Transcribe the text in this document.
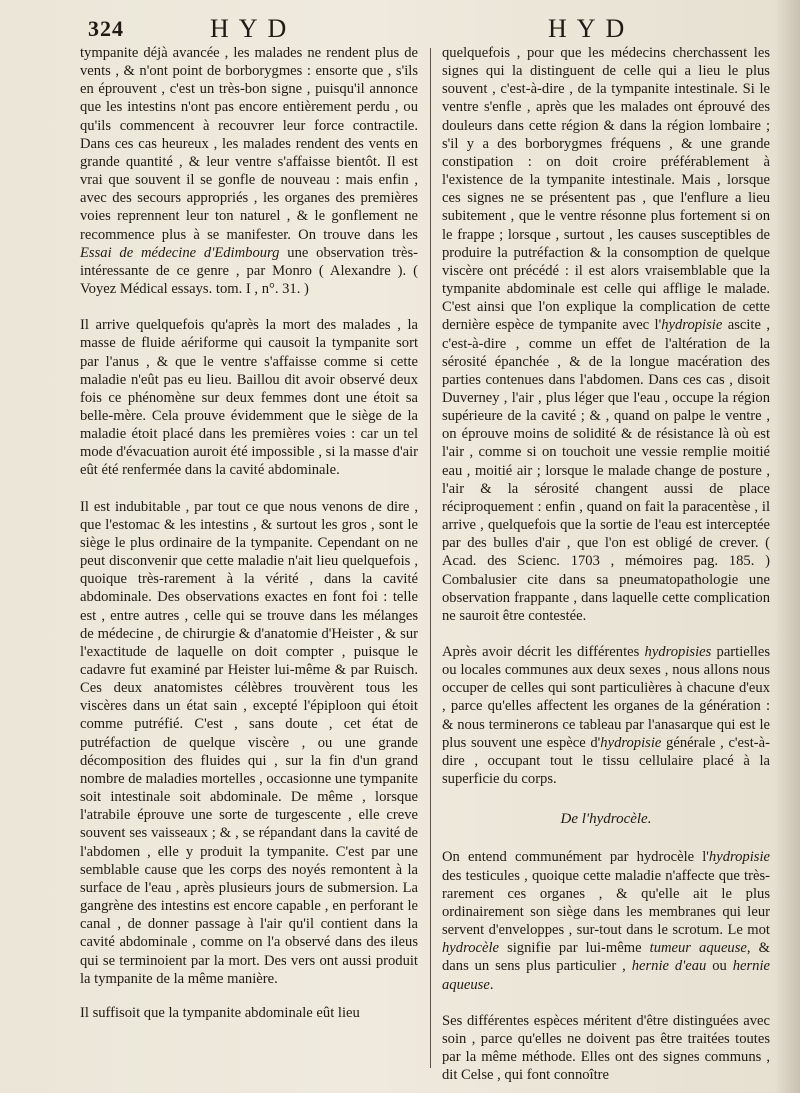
324	HYD	HYD

tympanite déjà avancée , les malades ne rendent plus de vents , & n'ont point de borborygmes : ensorte que , s'ils en éprouvent , c'est un très-bon signe , puisqu'il annonce que les intestins n'ont pas encore entièrement perdu , ou qu'ils commencent à recouvrer leur force contractile. Dans ces cas heureux , les malades rendent des vents en grande quantité , & leur ventre s'affaisse bientôt. Il est vrai que souvent il se gonfle de nouveau : mais enfin , avec des secours appropriés , les organes des premières voies reprennent leur ton naturel , & le gonflement ne recommence plus à se manifester. On trouve dans les Essai de médecine d'Edimbourg une observation très-intéressante de ce genre , par Monro ( Alexandre ). ( Voyez Médical essays. tom. I , n°. 31. )

Il arrive quelquefois qu'après la mort des malades , la masse de fluide aériforme qui causoit la tympanite sort par l'anus , & que le ventre s'affaisse comme si cette maladie n'eût pas eu lieu. Baillou dit avoir observé deux fois ce phénomène sur deux femmes dont une étoit sa belle-mère. Cela prouve évidemment que le siège de la maladie étoit placé dans les premières voies : car un tel mode d'évacuation auroit été impossible , si la masse d'air eût été renfermée dans la cavité abdominale.

Il est indubitable , par tout ce que nous venons de dire , que l'estomac & les intestins , & surtout les gros , sont le siège le plus ordinaire de la tympanite. Cependant on ne peut disconvenir que cette maladie n'ait lieu quelquefois , quoique très-rarement à la vérité , dans la cavité abdominale. Des observations exactes en font foi : telle est , entre autres , celle qui se trouve dans les mélanges de médecine , de chirurgie & d'anatomie d'Heister , & sur l'exactitude de laquelle on doit compter , puisque le cadavre fut examiné par Heister lui-même & par Ruisch. Ces deux anatomistes célèbres trouvèrent tous les viscères dans un état sain , excepté l'épiploon qui étoit comme putréfié. C'est , sans doute , cet état de putréfaction de quelque viscère , ou une grande décomposition des fluides qui , sur la fin d'un grand nombre de maladies mortelles , occasionne une tympanite soit intestinale soit abdominale. De même , lorsque l'atrabile éprouve une sorte de turgescente , elle creve souvent ses vaisseaux ; & , se répandant dans la cavité de l'abdomen , elle y produit la tympanite. C'est par une semblable cause que les corps des noyés remontent à la surface de l'eau , après plusieurs jours de submersion. La gangrène des intestins est encore capable , en perforant le canal , de donner passage à l'air qu'il contient dans la cavité abdominale , comme on l'a observé dans des ileus qui se terminoient par la mort. Des vers ont aussi produit la tympanite de la même manière.

Il suffisoit que la tympanite abdominale eût lieu

quelquefois , pour que les médecins cherchassent les signes qui la distinguent de celle qui a lieu le plus souvent , c'est-à-dire , de la tympanite intestinale. Si le ventre s'enfle , après que les malades ont éprouvé des douleurs dans cette région & dans la région lombaire ; s'il y a des borborygmes fréquens , & une grande constipation : on doit croire préférablement à l'existence de la tympanite intestinale. Mais , lorsque ces signes ne se présentent pas , que l'enflure a lieu subitement , que le ventre résonne plus fortement si on le frappe ; lorsque , surtout , les causes susceptibles de produire la putréfaction & la consomption de quelque viscère ont précédé : il est alors vraisemblable que la tympanite abdominale est celle qui afflige le malade. C'est ainsi que l'on explique la complication de cette dernière espèce de tympanite avec l'hydropisie ascite , c'est-à-dire , comme un effet de l'altération de la sérosité épanchée , & de la longue macération des parties contenues dans l'abdomen. Dans ces cas , disoit Duverney , l'air , plus léger que l'eau , occupe la région supérieure de la cavité ; & , quand on palpe le ventre , on éprouve moins de solidité & de résistance là où est l'air , comme si on touchoit une vessie remplie moitié eau , moitié air ; lorsque le malade change de posture , l'air & la sérosité changent aussi de place réciproquement : enfin , quand on fait la paracentèse , il arrive , quelquefois que la sortie de l'eau est interceptée par des bulles d'air , que l'on est obligé de crever. ( Acad. des Scienc. 1703 , mémoires pag. 185. ) Combalusier cite dans sa pneumatopathologie une observation frappante , dans laquelle cette complication ne sauroit être contestée.

Après avoir décrit les différentes hydropisies partielles ou locales communes aux deux sexes , nous allons nous occuper de celles qui sont particulières à chacune d'eux , parce qu'elles affectent les organes de la génération : & nous terminerons ce tableau par l'anasarque qui est le plus souvent une espèce d'hydropisie générale , c'est-à-dire , occupant tout le tissu cellulaire placé à la superficie du corps.

De l'hydrocèle.

On entend communément par hydrocèle l'hydropisie des testicules , quoique cette maladie n'affecte que très-rarement ces organes , & qu'elle ait le plus ordinairement son siège dans les membranes qui leur servent d'enveloppes , sur-tout dans le scrotum. Le mot hydrocèle signifie par lui-même tumeur aqueuse, & dans un sens plus particulier , hernie d'eau ou hernie aqueuse.

Ses différentes espèces méritent d'être distinguées avec soin , parce qu'elles ne doivent pas être traitées toutes par la même méthode. Elles ont des signes communs , dit Celse , qui font connoître
